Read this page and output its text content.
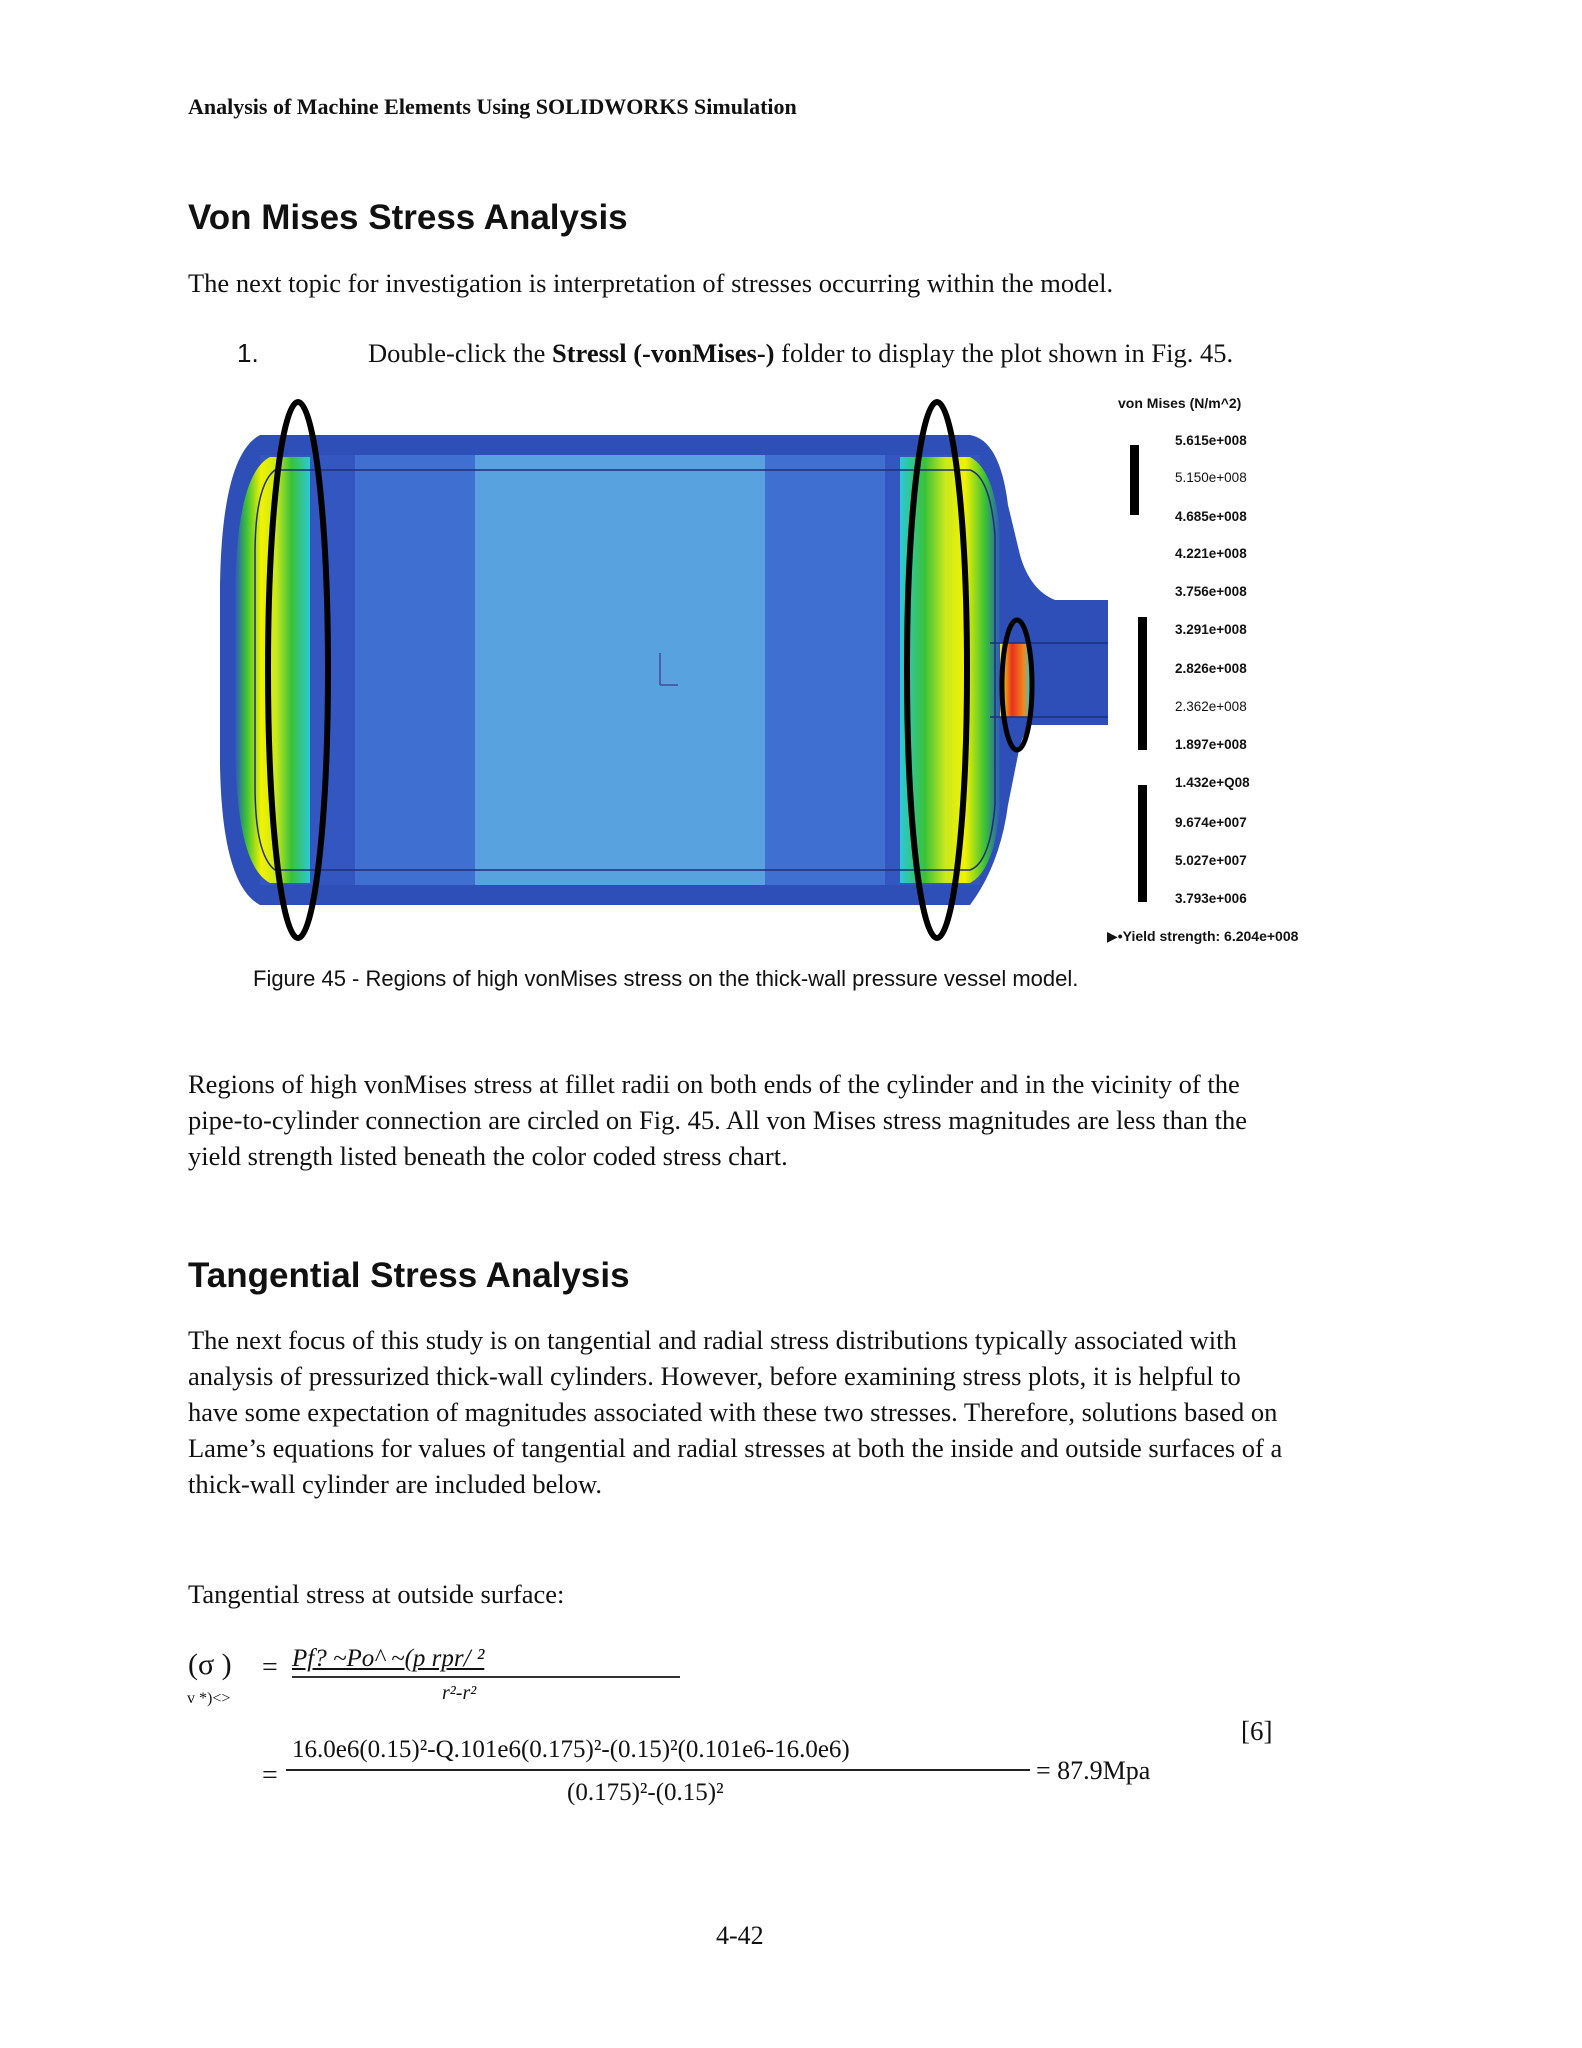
Analysis of Machine Elements Using SOLIDWORKS Simulation
Von Mises Stress Analysis
The next topic for investigation is interpretation of stresses occurring within the model.
1.	Double-click the Stressl (-vonMises-) folder to display the plot shown in Fig. 45.
von Mises (N/m^2)
5.615e+008
5.150e+008
4.685e+008
4.221e+008
3.756e+008
3.291e+008
2.826e+008
2.362e+008
1.897e+008
1.432e+Q08
9.674e+007
5.027e+007
3.793e+006
▶•Yield strength: 6.204e+008
Figure 45 - Regions of high vonMises stress on the thick-wall pressure vessel model.
Regions of high vonMises stress at fillet radii on both ends of the cylinder and in the vicinity of the pipe-to-cylinder connection are circled on Fig. 45. All von Mises stress magnitudes are less than the yield strength listed beneath the color coded stress chart.
Tangential Stress Analysis
The next focus of this study is on tangential and radial stress distributions typically associated with analysis of pressurized thick-wall cylinders. However, before examining stress plots, it is helpful to have some expectation of magnitudes associated with these two stresses. Therefore, solutions based on Lame’s equations for values of tangential and radial stresses at both the inside and outside surfaces of a thick-wall cylinder are included below.
Tangential stress at outside surface:
(σ )
v *)<>
= Pf? ~Po^ ~(p rpr/ ²
r²-r²
[6]
=
16.0e6(0.15)²-Q.101e6(0.175)²-(0.15)²(0.101e6-16.0e6)
(0.175)²-(0.15)²
= 87.9Mpa
4-42
